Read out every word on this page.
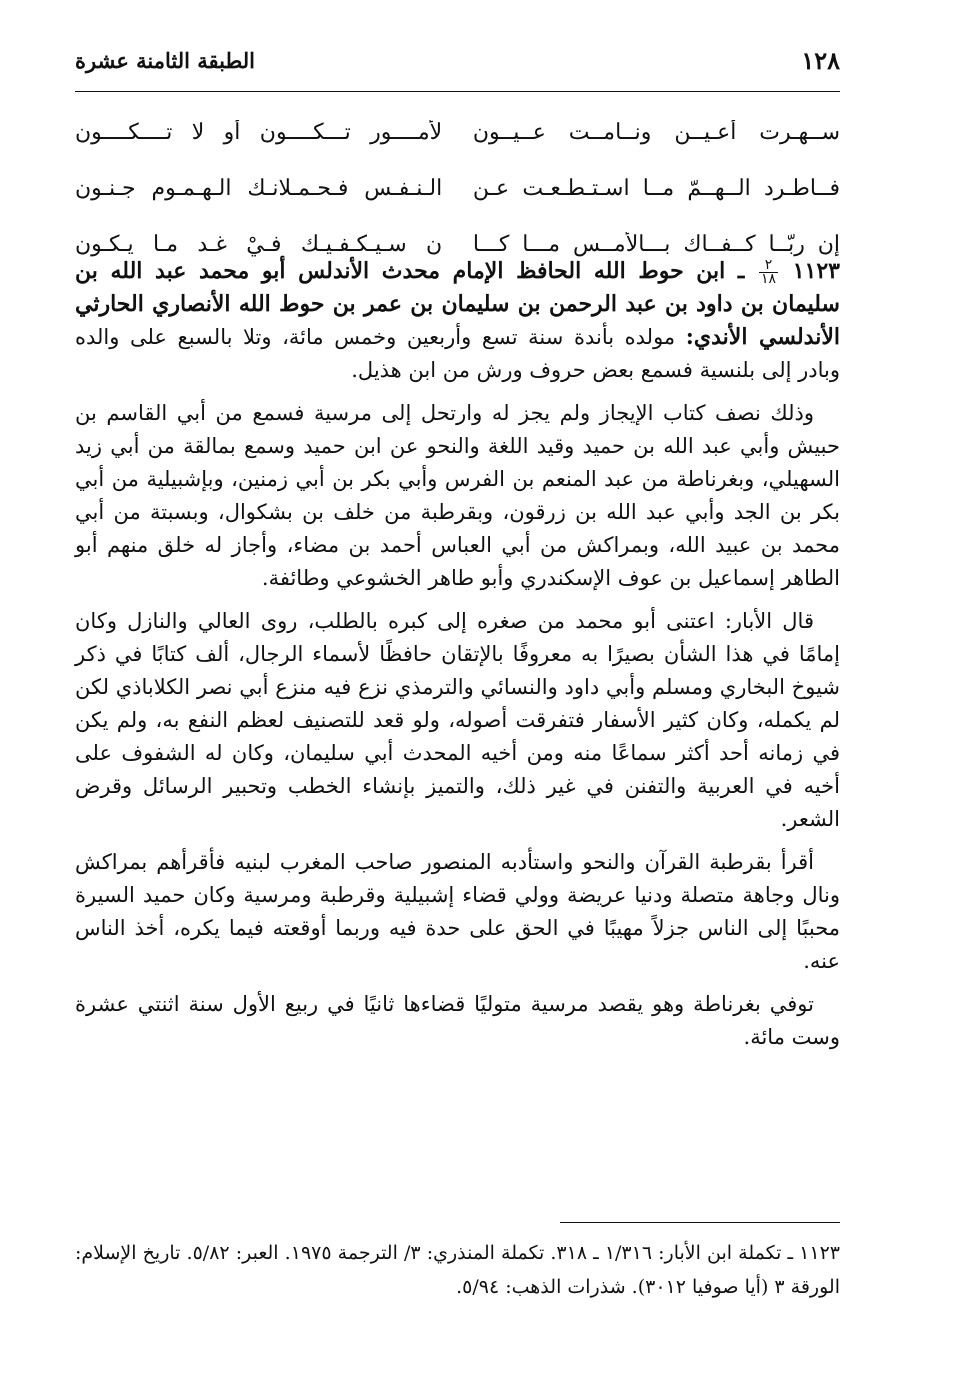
١٢٨
الطبقة الثامنة عشرة
ســهـرت أعـيــن ونــامــت عــيــون
لأمــــور تـــكــــون أو لا تــــكــــون
فــاطـرد الــهــمّ مــا اسـتـطـعـت عـن
الـنـفـس فـحـمـلانـك الـهـمـوم جـنـون
إن ربّــا كــفــاك بـــالأمــس مـــا كـــا
ن سـيـكـفـيـك فـيْ غـد مـا يـكـون

١١٢٣
$\frac{٢}{١٨}$
ـ ابن حوط الله الحافظ الإمام محدث الأندلس أبو محمد عبد الله بن سليمان بن داود بن عبد الرحمن بن سليمان بن عمر بن حوط الله الأنصاري الحارثي الأندلسي الأندي: مولده بأندة سنة تسع وأربعين وخمس مائة، وتلا بالسبع على والده وبادر إلى بلنسية فسمع بعض حروف ورش من ابن هذيل.

وذلك نصف كتاب الإيجاز ولم يجز له وارتحل إلى مرسية فسمع من أبي القاسم بن حبيش وأبي عبد الله بن حميد وقيد اللغة والنحو عن ابن حميد وسمع بمالقة من أبي زيد السهيلي، وبغرناطة من عبد المنعم بن الفرس وأبي بكر بن أبي زمنين، وبإشبيلية من أبي بكر بن الجد وأبي عبد الله بن زرقون، وبقرطبة من خلف بن بشكوال، وبسبتة من أبي محمد بن عبيد الله، وبمراكش من أبي العباس أحمد بن مضاء، وأجاز له خلق منهم أبو الطاهر إسماعيل بن عوف الإسكندري وأبو طاهر الخشوعي وطائفة.

قال الأبار: اعتنى أبو محمد من صغره إلى كبره بالطلب، روى العالي والنازل وكان إمامًا في هذا الشأن بصيرًا به معروفًا بالإتقان حافظًا لأسماء الرجال، ألف كتابًا في ذكر شيوخ البخاري ومسلم وأبي داود والنسائي والترمذي نزع فيه منزع أبي نصر الكلاباذي لكن لم يكمله، وكان كثير الأسفار فتفرقت أصوله، ولو قعد للتصنيف لعظم النفع به، ولم يكن في زمانه أحد أكثر سماعًا منه ومن أخيه المحدث أبي سليمان، وكان له الشفوف على أخيه في العربية والتفنن في غير ذلك، والتميز بإنشاء الخطب وتحبير الرسائل وقرض الشعر.

أقرأ بقرطبة القرآن والنحو واستأدبه المنصور صاحب المغرب لبنيه فأقرأهم بمراكش ونال وجاهة متصلة ودنيا عريضة وولي قضاء إشبيلية وقرطبة ومرسية وكان حميد السيرة محببًا إلى الناس جزلاً مهيبًا في الحق على حدة فيه وربما أوقعته فيما يكره، أخذ الناس عنه.

توفي بغرناطة وهو يقصد مرسية متوليًا قضاءها ثانيًا في ربيع الأول سنة اثنتي عشرة وست مائة.

١١٢٣ ـ تكملة ابن الأبار: ١/٣١٦ ـ ٣١٨. تكملة المنذري: ٣/ الترجمة ١٩٧٥. العبر: ٥/٨٢. تاريخ الإسلام: الورقة ٣ (أيا صوفيا ٣٠١٢). شذرات الذهب: ٥/٩٤.
